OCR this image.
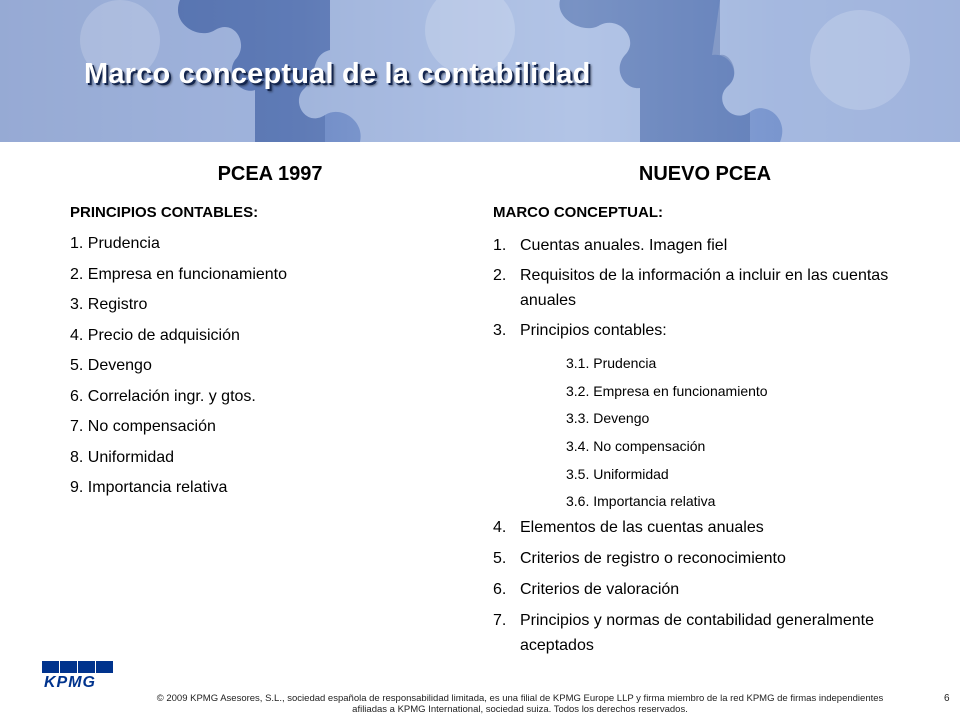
Marco conceptual de la contabilidad
PCEA 1997
PRINCIPIOS CONTABLES:
1. Prudencia
2. Empresa en funcionamiento
3. Registro
4. Precio de adquisición
5. Devengo
6. Correlación ingr. y gtos.
7. No compensación
8. Uniformidad
9. Importancia relativa
NUEVO PCEA
MARCO CONCEPTUAL:
1. Cuentas anuales. Imagen fiel
2. Requisitos de la información a incluir en las cuentas anuales
3. Principios contables:
3.1. Prudencia
3.2. Empresa en funcionamiento
3.3. Devengo
3.4. No compensación
3.5. Uniformidad
3.6. Importancia relativa
4. Elementos de las cuentas anuales
5. Criterios de registro o reconocimiento
6. Criterios de valoración
7. Principios y normas de contabilidad generalmente aceptados
KPMG
© 2009 KPMG Asesores, S.L., sociedad española de responsabilidad limitada, es una filial de KPMG Europe LLP y firma miembro de la red KPMG de firmas independientes afiliadas a KPMG International, sociedad suiza. Todos los derechos reservados.
6
